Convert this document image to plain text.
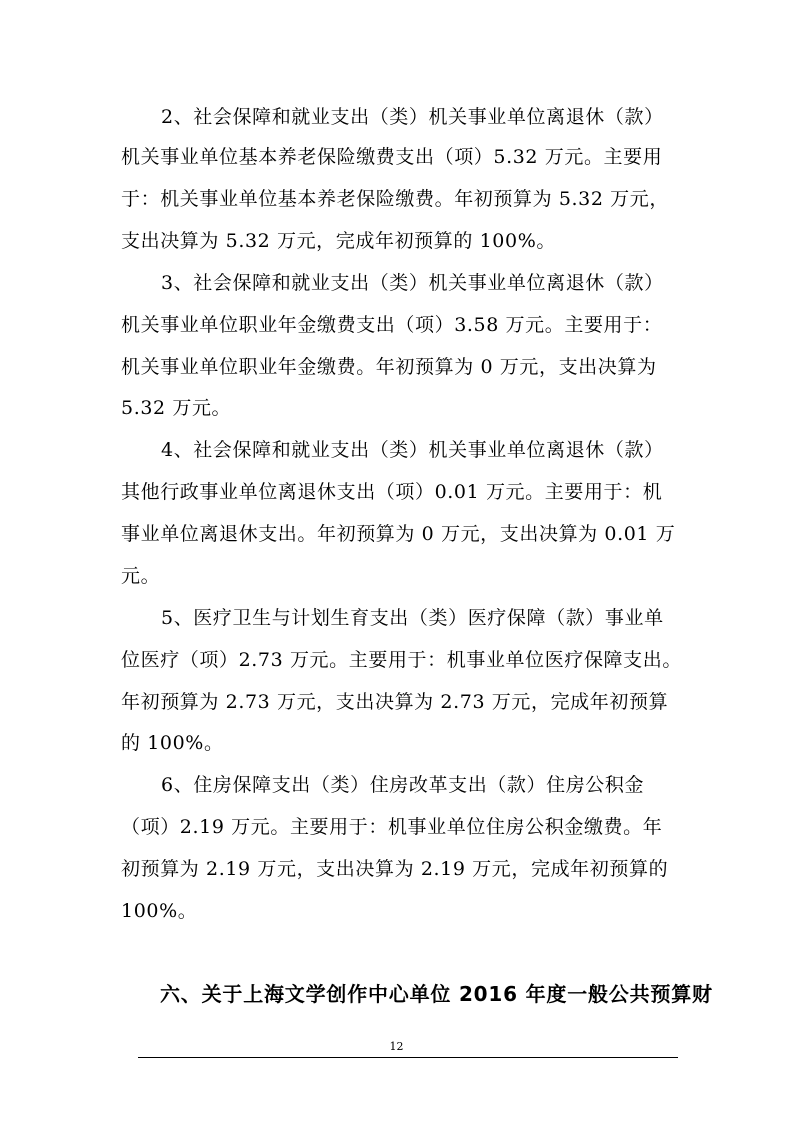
2、社会保障和就业支出（类）机关事业单位离退休（款）
机关事业单位基本养老保险缴费支出（项）5.32 万元。主要用
于：机关事业单位基本养老保险缴费。年初预算为 5.32 万元，
支出决算为 5.32 万元，完成年初预算的 100%。
3、社会保障和就业支出（类）机关事业单位离退休（款）
机关事业单位职业年金缴费支出（项）3.58 万元。主要用于：
机关事业单位职业年金缴费。年初预算为 0 万元，支出决算为
5.32 万元。
4、社会保障和就业支出（类）机关事业单位离退休（款）
其他行政事业单位离退休支出（项）0.01 万元。主要用于：机
事业单位离退休支出。年初预算为 0 万元，支出决算为 0.01 万
元。
5、医疗卫生与计划生育支出（类）医疗保障（款）事业单
位医疗（项）2.73 万元。主要用于：机事业单位医疗保障支出。
年初预算为 2.73 万元，支出决算为 2.73 万元，完成年初预算
的 100%。
6、住房保障支出（类）住房改革支出（款）住房公积金
（项）2.19 万元。主要用于：机事业单位住房公积金缴费。年
初预算为 2.19 万元，支出决算为 2.19 万元，完成年初预算的
100%。
六、关于上海文学创作中心单位 2016 年度一般公共预算财
12
